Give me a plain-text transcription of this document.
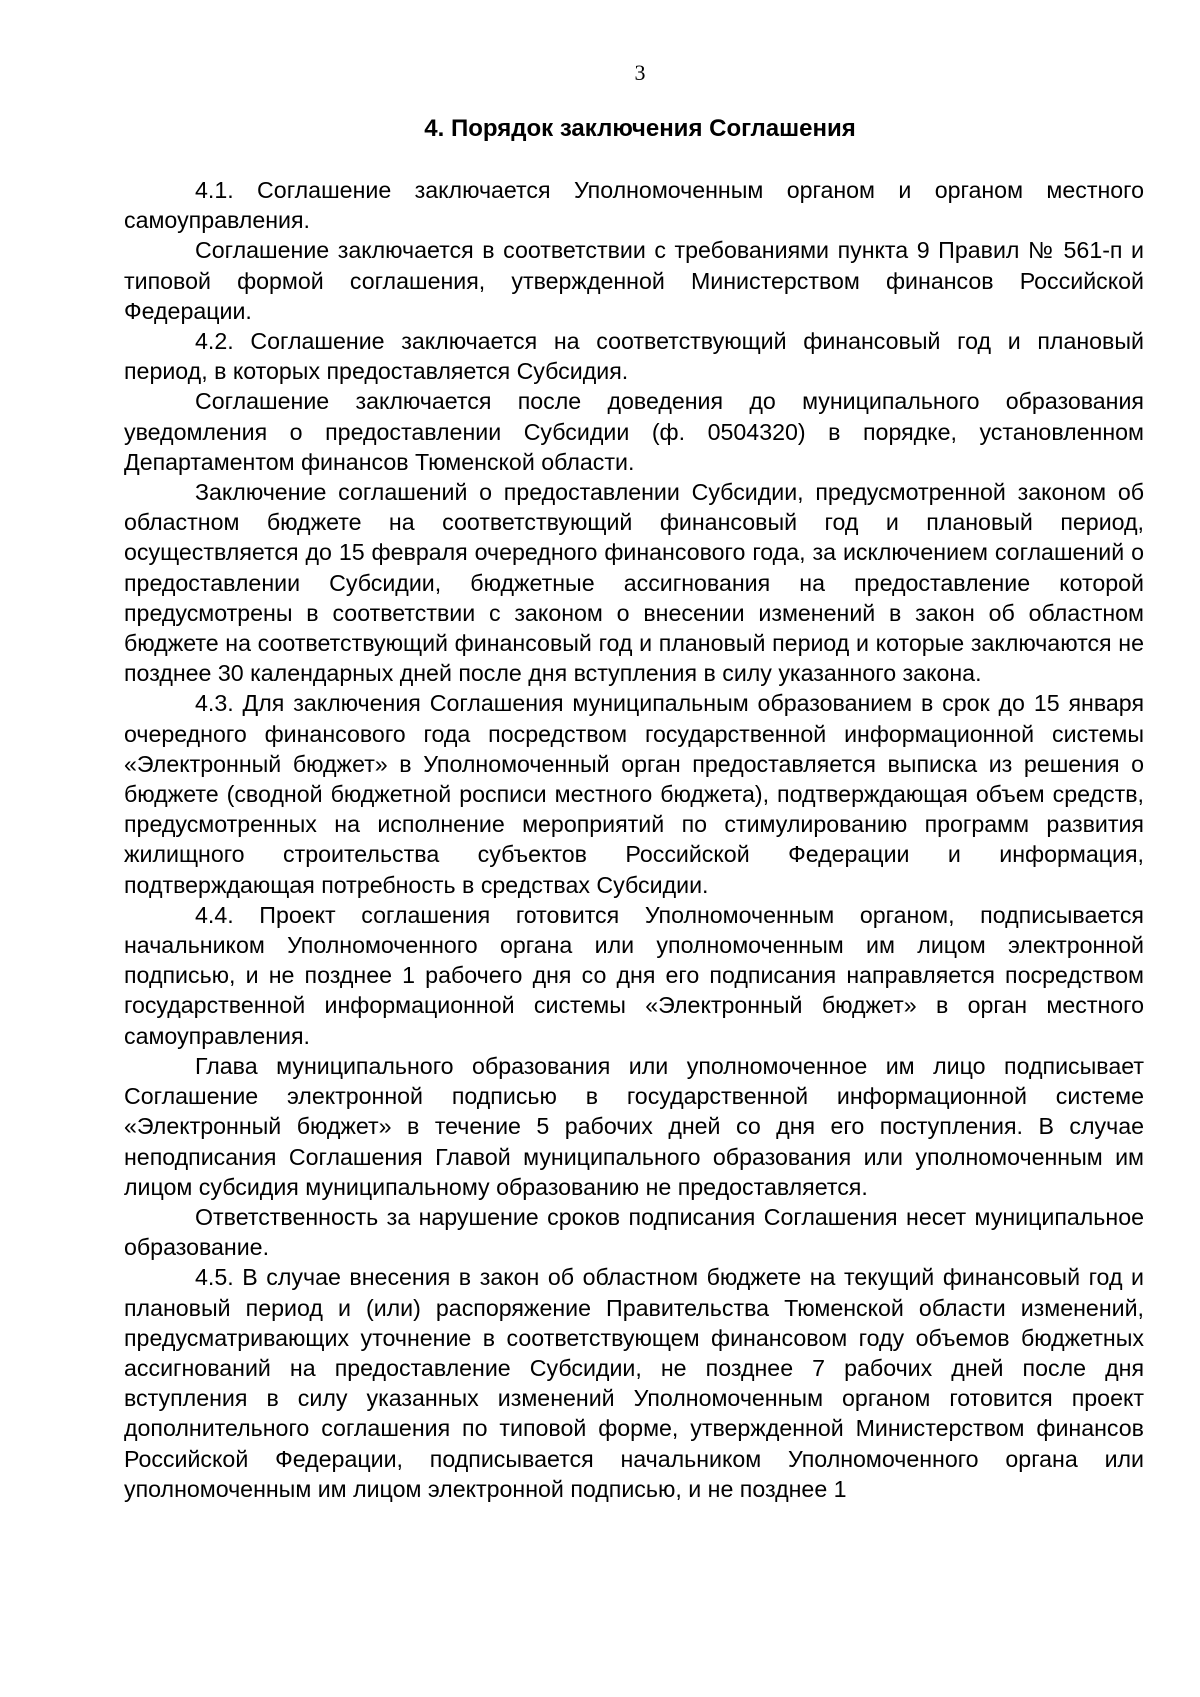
3
4. Порядок заключения Соглашения

4.1. Соглашение заключается Уполномоченным органом и органом местного самоуправления.

Соглашение заключается в соответствии с требованиями пункта 9 Правил № 561-п и типовой формой соглашения, утвержденной Министерством финансов Российской Федерации.

4.2. Соглашение заключается на соответствующий финансовый год и плановый период, в которых предоставляется Субсидия.

Соглашение заключается после доведения до муниципального образования уведомления о предоставлении Субсидии (ф. 0504320) в порядке, установленном Департаментом финансов Тюменской области.

Заключение соглашений о предоставлении Субсидии, предусмотренной законом об областном бюджете на соответствующий финансовый год и плановый период, осуществляется до 15 февраля очередного финансового года, за исключением соглашений о предоставлении Субсидии, бюджетные ассигнования на предоставление которой предусмотрены в соответствии с законом о внесении изменений в закон об областном бюджете на соответствующий финансовый год и плановый период и которые заключаются не позднее 30 календарных дней после дня вступления в силу указанного закона.

4.3. Для заключения Соглашения муниципальным образованием в срок до 15 января очередного финансового года посредством государственной информационной системы «Электронный бюджет» в Уполномоченный орган предоставляется выписка из решения о бюджете (сводной бюджетной росписи местного бюджета), подтверждающая объем средств, предусмотренных на исполнение мероприятий по стимулированию программ развития жилищного строительства субъектов Российской Федерации и информация, подтверждающая потребность в средствах Субсидии.

4.4. Проект соглашения готовится Уполномоченным органом, подписывается начальником Уполномоченного органа или уполномоченным им лицом электронной подписью, и не позднее 1 рабочего дня со дня его подписания направляется посредством государственной информационной системы «Электронный бюджет» в орган местного самоуправления.

Глава муниципального образования или уполномоченное им лицо подписывает Соглашение электронной подписью в государственной информационной системе «Электронный бюджет» в течение 5 рабочих дней со дня его поступления. В случае неподписания Соглашения Главой муниципального образования или уполномоченным им лицом субсидия муниципальному образованию не предоставляется.

Ответственность за нарушение сроков подписания Соглашения несет муниципальное образование.

4.5. В случае внесения в закон об областном бюджете на текущий финансовый год и плановый период и (или) распоряжение Правительства Тюменской области изменений, предусматривающих уточнение в соответствующем финансовом году объемов бюджетных ассигнований на предоставление Субсидии, не позднее 7 рабочих дней после дня вступления в силу указанных изменений Уполномоченным органом готовится проект дополнительного соглашения по типовой форме, утвержденной Министерством финансов Российской Федерации, подписывается начальником Уполномоченного органа или уполномоченным им лицом электронной подписью, и не позднее 1
